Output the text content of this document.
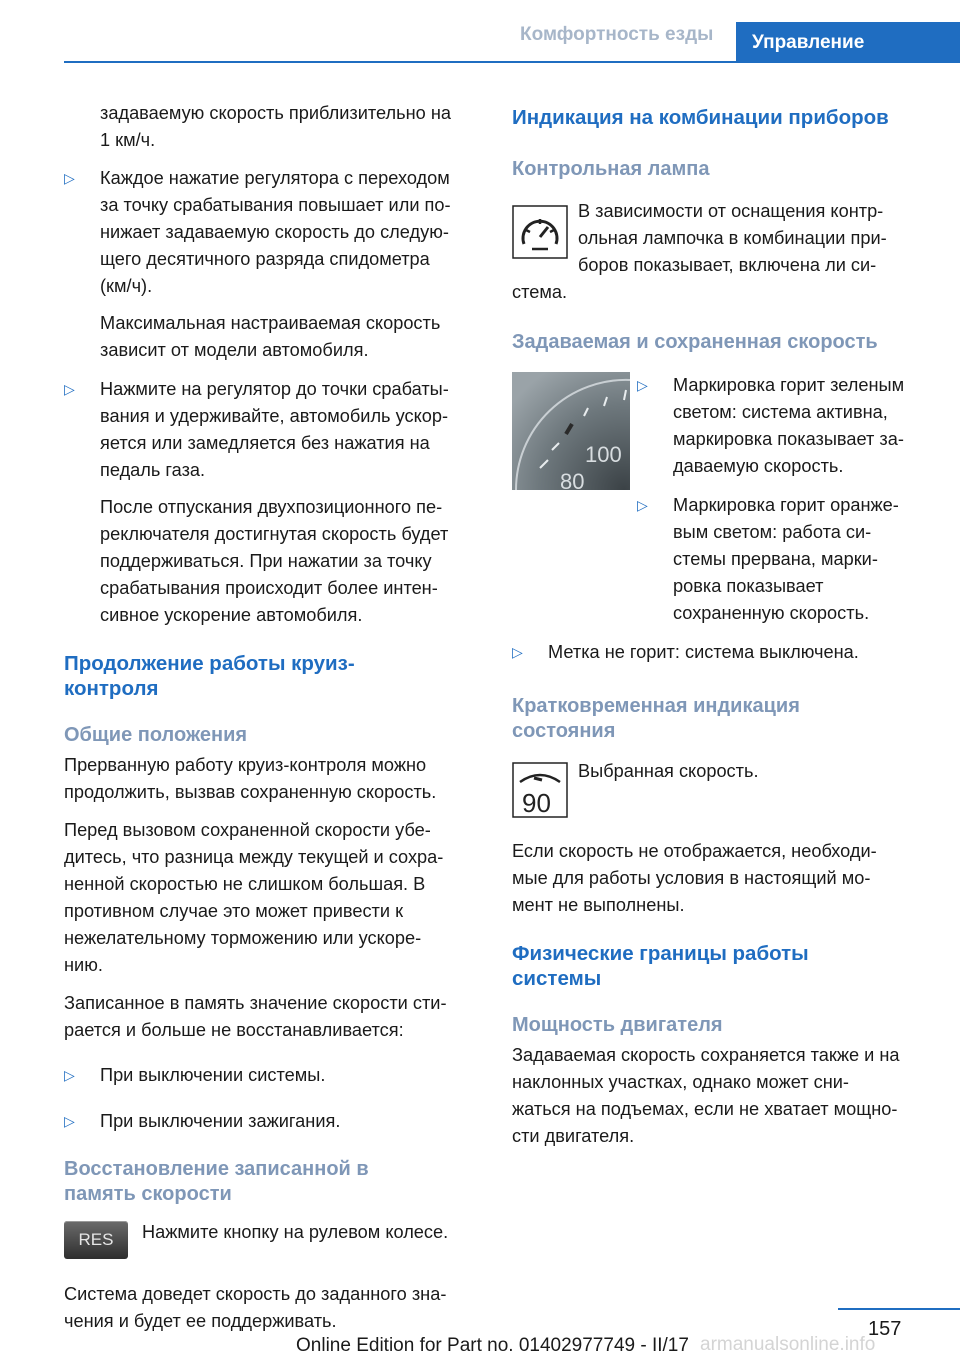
Комфортность езды	Управление

задаваемую скорость приблизительно на

1 км/ч.

▷ Каждое нажатие регулятора с переходом

за точку срабатывания повышает или по‐

нижает задаваемую скорость до следую‐

щего десятичного разряда спидометра

(км/ч).

Максимальная настраиваемая скорость

зависит от модели автомобиля.

▷ Нажмите на регулятор до точки срабаты‐

вания и удерживайте, автомобиль ускор‐

яется или замедляется без нажатия на

педаль газа.

После отпускания двухпозиционного пе‐

реключателя достигнутая скорость будет

поддерживаться. При нажатии за точку

срабатывания происходит более интен‐

сивное ускорение автомобиля.

Продолжение работы круиз-
контроля
Общие положения

Прерванную работу круиз-контроля можно

продолжить, вызвав сохраненную скорость.

Перед вызовом сохраненной скорости убе‐

дитесь, что разница между текущей и сохра‐

ненной скоростью не слишком большая. В

противном случае это может привести к

нежелательному торможению или ускоре‐

нию.

Записанное в память значение скорости сти‐

рается и больше не восстанавливается:

▷ При выключении системы.

▷ При выключении зажигания.

Восстановление записанной в
память скорости
RES	Нажмите кнопку на рулевом колесе.

Система доведет скорость до заданного зна‐

чения и будет ее поддерживать.

Индикация на комбинации приборов
Контрольная лампа

В зависимости от оснащения контр‐

ольная лампочка в комбинации при‐

боров показывает, включена ли си‐

стема.

Задаваемая и сохраненная скорость
100
80
▷ Маркировка горит зеленым

светом: система активна,

маркировка показывает за‐

даваемую скорость.

▷ Маркировка горит оранже‐

вым светом: работа си‐

стемы прервана, марки‐

ровка показывает

сохраненную скорость.

▷ Метка не горит: система выключена.

Кратковременная индикация
состояния
90

Выбранная скорость.

Если скорость не отображается, необходи‐

мые для работы условия в настоящий мо‐

мент не выполнены.

Физические границы работы
системы
Мощность двигателя

Задаваемая скорость сохраняется также и на

наклонных участках, однако может сни‐

жаться на подъемах, если не хватает мощно‐

сти двигателя.

157
Online Edition for Part no. 01402977749 - II/17 armanualsonline.info
